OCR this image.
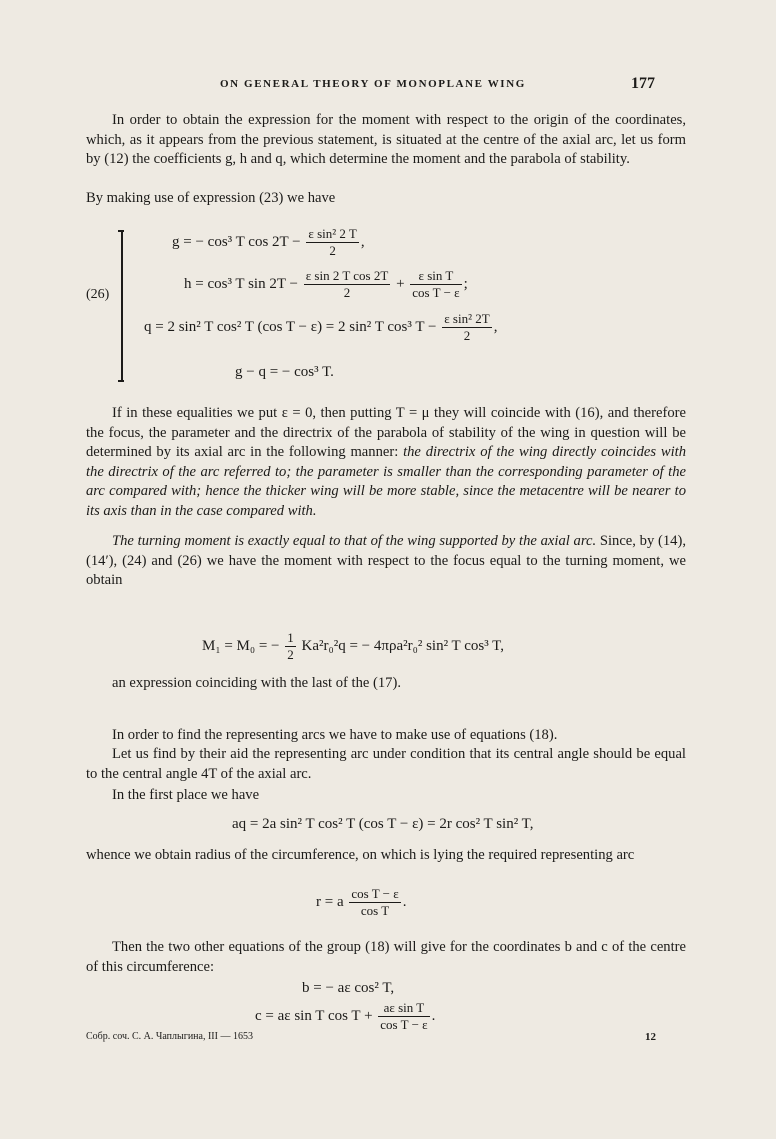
ON GENERAL THEORY OF MONOPLANE WING	177
In order to obtain the expression for the moment with respect to the origin of the coordinates, which, as it appears from the previous statement, is situated at the centre of the axial arc, let us form by (12) the coefficients g, h and q, which determine the moment and the parabola of stability.
By making use of expression (23) we have
(26)
g = − cos³ T $\cos 2T - \frac{\text{ε sin² 2 T}}{2}$ ,
h = cos³ T $\sin 2T - \frac{\text{ε sin 2 T cos 2T}}{2} + \frac{\text{ε sin T}}{\text{cos T − ε}}$ ;
q = 2 sin² T cos² T (cos T − ε) = 2 sin² T cos³ $T - \frac{\text{ε sin² 2T}}{2}$ ,
g − q = − cos³ T.
If in these equalities we put ε = 0, then putting T = μ they will coincide with (16), and therefore the focus, the parameter and the directrix of the parabola of stability of the wing in question will be determined by its axial arc in the following manner: the directrix of the wing directly coincides with the directrix of the arc referred to; the parameter is smaller than the corresponding parameter of the arc compared with; hence the thicker wing will be more stable, since the metacentre will be nearer to its axis than in the case compared with.
The turning moment is exactly equal to that of the wing supported by the axial arc. Since, by (14), (14′), (24) and (26) we have the moment with respect to the focus equal to the turning moment, we obtain
M₁ = M₀ = − $\frac{1}{2} Ka^2r_0^2q$ = − 4πρa²r₀² sin² T cos³ T,
an expression coinciding with the last of the (17).
In order to find the representing arcs we have to make use of equations (18).
Let us find by their aid the representing arc under condition that its central angle should be equal to the central angle 4T of the axial arc.
In the first place we have
aq = 2a sin² T cos² T (cos T − ε) = 2r cos² T sin² T,
whence we obtain radius of the circumference, on which is lying the required representing arc
r = a $\frac{\text{cos T − ε}}{\text{cos T}}$ .
Then the two other equations of the group (18) will give for the coordinates b and c of the centre of this circumference:
b = − aε cos² T,
c = aε sin T $\cos T + \frac{\text{aε sin T}}{\text{cos T − ε}}$ .
Собр. соч. С. А. Чаплыгина, III — 1653	12
